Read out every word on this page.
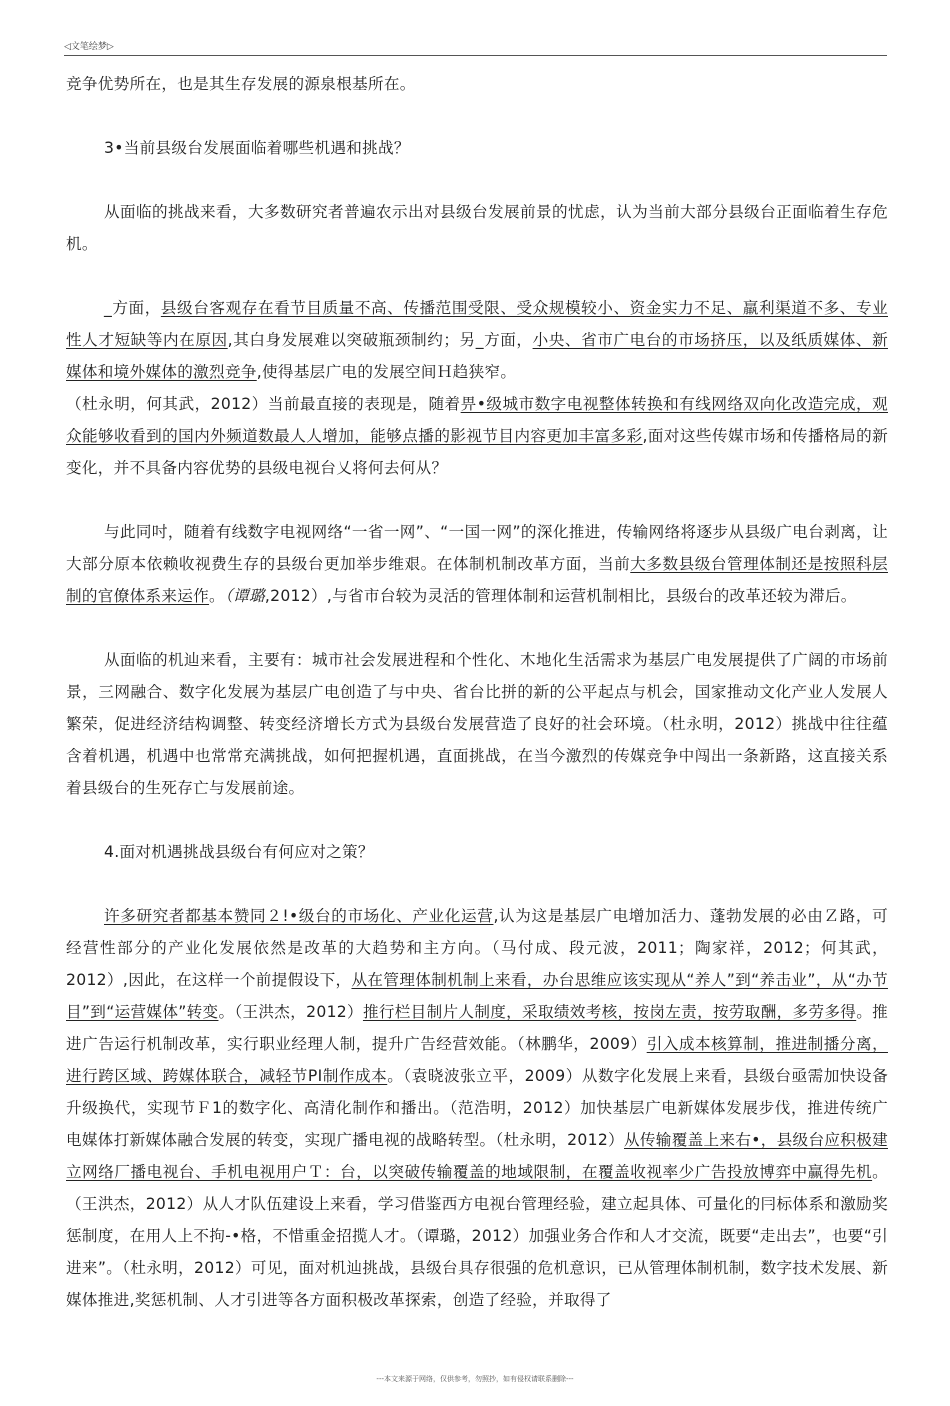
◁文笔绘梦▷

竞争优势所在，也是其生存发展的源泉根基所在。

3•当前县级台发展面临着哪些机遇和挑战？

从面临的挑战来看，大多数研究者普遍农示出对县级台发展前景的忧虑，认为当前大部分县级台正面临着生存危机。

_方面，县级台客观存在看节目质量不高、传播范围受限、受众规模较小、资金实力不足、羸利渠道不多、专业性人才短缺等内在原因,其白身发展难以突破瓶颈制约；另_方面，小央、省市广电台的市场挤压，以及纸质媒体、新媒体和境外媒体的激烈竞争,使得基层广电的发展空间Ｈ趋狭窄。

（杜永明，何其武，2012）当前最直接的表现是，随着畀•级城市数字电视整体转换和有线网络双向化改造完成，观众能够收看到的国内外频道数最人人增加，能够点播的影视节目内容更加丰富多彩,面对这些传媒市场和传播格局的新变化，并不具备内容优势的县级电视台乂将何去何从？

与此同吋，随着有线数字电视网络“一省一网”、“一国一网”的深化推进，传输网络将逐步从县级广电台剥离，让大部分原本依赖收视费生存的县级台更加举步维艰。在体制机制改革方面，当前大多数县级台管理体制还是按照科层制的官僚体系来运作。（谭璐,2012）,与省市台较为灵活的管理体制和运营机制相比，县级台的改革还较为滞后。

从面临的机辿来看，主要有：城市社会发展进程和个性化、木地化生活需求为基层广电发展提供了广阔的市场前景，三网融合、数字化发展为基层广电创造了与中央、省台比拼的新的公平起点与机会，国家推动文化产业人发展人繁荣，促进经济结构调整、转变经济增长方式为县级台发展营造了良好的社会环境。（杜永明，2012）挑战中往往蕴含着机遇，机遇中也常常充满挑战，如何把握机遇，直面挑战，在当今激烈的传媒竞争中闯出一条新路，这直接关系着县级台的生死存亡与发展前途。

4.面对机遇挑战县级台有何应对之策？

许多研究者都基本赞同２!•级台的市场化、产业化运营,认为这是基层广电增加活力、蓬勃发展的必由Ｚ路，可经营性部分的产业化发展依然是改革的大趋势和主方向。（马付成、段元波，2011；陶家祥，2012；何其武，2012）,因此，在这样一个前提假设下，从在管理体制机制上来看，办台思维应该实现从“养人”到“养击业”，从“办节目”到“运营媒体”转变。（王洪杰，2012）推行栏目制片人制度，采取绩效考核，按岗左责，按劳取酬，多劳多得。推进广告运行机制改革，实行职业经理人制，提升广告经营效能。（林鹏华，2009）引入成本核算制，推进制播分离，进行跨区域、跨媒体联合，减轻节PI制作成本。（袁晓波张立平，2009）从数字化发展上来看，县级台亟需加快设备升级换代，实现节Ｆ1的数字化、高清化制作和播出。（范浩明，2012）加快基层广电新媒体发展步伐，推进传统广电媒体打新媒体融合发展的转变，实现广播电视的战略转型。（杜永明，2012）从传输覆盖上来右•，县级台应积极建立网络厂播电视台、手机电视用户Ｔ：台，以突破传输覆盖的地域限制，在覆盖收视率少广告投放博弈中赢得先机。（王洪杰，2012）从人才队伍建设上来看，学习借鉴西方电视台管理经验，建立起具体、可量化的冃标体系和激励奖惩制度，在用人上不拘-•格，不惜重金招揽人才。（谭璐，2012）加强业务合作和人才交流，既要“走出去”，也要“引进来”。（杜永明，2012）可见，面对机辿挑战，县级台具存很强的危机意识，已从管理体制机制，数字技术发展、新媒体推进,奖惩机制、人才引进等各方面积极改革探索，创造了经验，并取得了

---本文来源于网络，仅供参考，勿照抄，如有侵权请联系删除---
